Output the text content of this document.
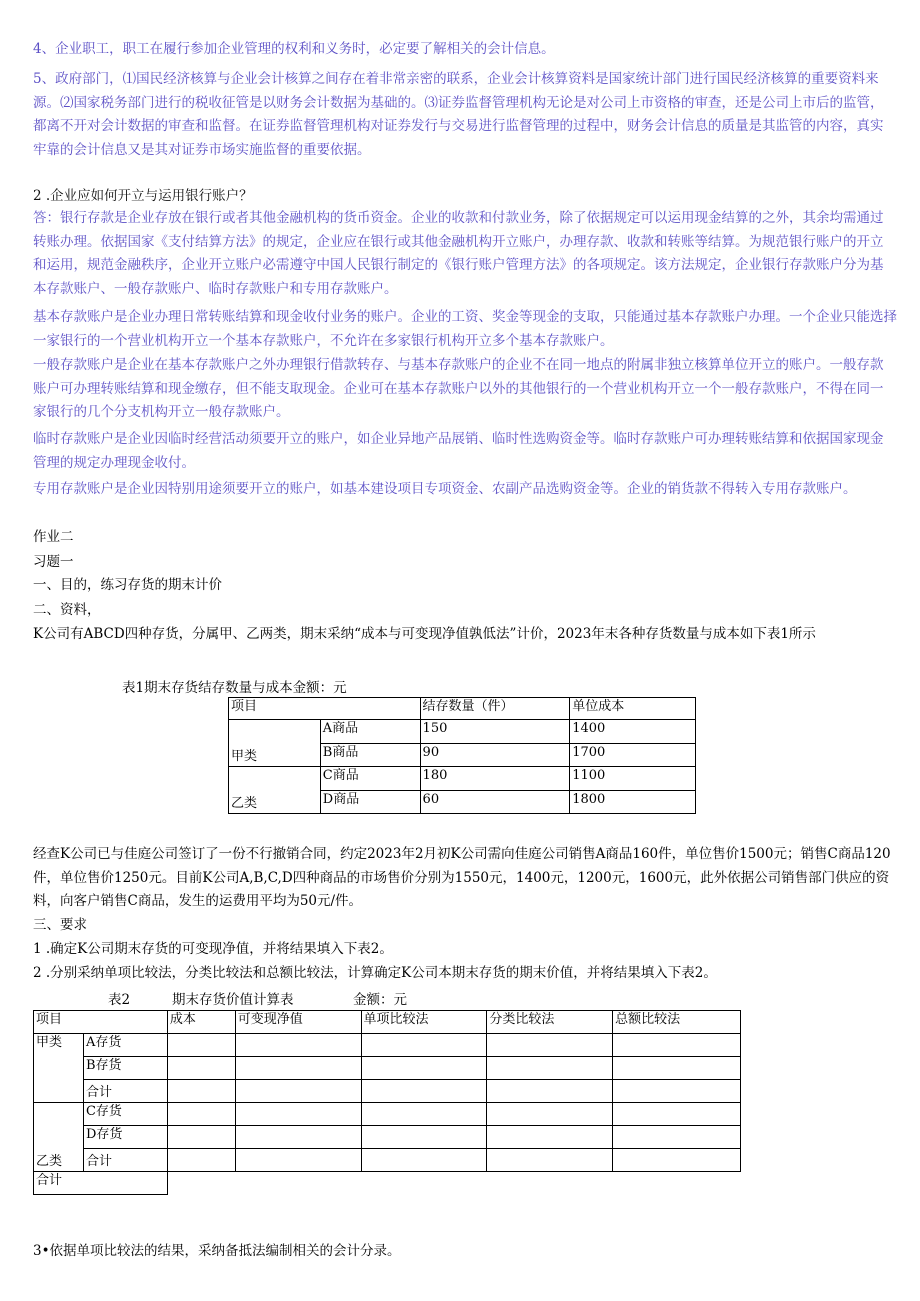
4、企业职工，职工在履行参加企业管理的权利和义务时，必定要了解相关的会计信息。

5、政府部门，⑴国民经济核算与企业会计核算之间存在着非常亲密的联系，企业会计核算资料是国家统计部门进行国民经济核算的重要资料来源。⑵国家税务部门进行的税收征管是以财务会计数据为基础的。⑶证券监督管理机构无论是对公司上市资格的审查，还是公司上市后的监管，都离不开对会计数据的审查和监督。在证券监督管理机构对证券发行与交易进行监督管理的过程中，财务会计信息的质量是其监管的内容，真实牢靠的会计信息又是其对证券市场实施监督的重要依据。

2 .企业应如何开立与运用银行账户？

答：银行存款是企业存放在银行或者其他金融机构的货币资金。企业的收款和付款业务，除了依据规定可以运用现金结算的之外，其余均需通过转账办理。依据国家《支付结算方法》的规定，企业应在银行或其他金融机构开立账户，办理存款、收款和转账等结算。为规范银行账户的开立和运用，规范金融秩序，企业开立账户必需遵守中国人民银行制定的《银行账户管理方法》的各项规定。该方法规定，企业银行存款账户分为基本存款账户、一般存款账户、临时存款账户和专用存款账户。

基本存款账户是企业办理日常转账结算和现金收付业务的账户。企业的工资、奖金等现金的支取，只能通过基本存款账户办理。一个企业只能选择一家银行的一个营业机构开立一个基本存款账户，不允许在多家银行机构开立多个基本存款账户。

一般存款账户是企业在基本存款账户之外办理银行借款转存、与基本存款账户的企业不在同一地点的附属非独立核算单位开立的账户。一般存款账户可办理转账结算和现金缴存，但不能支取现金。企业可在基本存款账户以外的其他银行的一个营业机构开立一个一般存款账户，不得在同一家银行的几个分支机构开立一般存款账户。

临时存款账户是企业因临时经营活动须要开立的账户，如企业异地产品展销、临时性选购资金等。临时存款账户可办理转账结算和依据国家现金管理的规定办理现金收付。

专用存款账户是企业因特别用途须要开立的账户，如基本建设项目专项资金、农副产品选购资金等。企业的销货款不得转入专用存款账户。

作业二
习题一
一、目的，练习存货的期末计价
二、资料，

K公司有ABCD四种存货，分属甲、乙两类，期末采纳“成本与可变现净值孰低法”计价，2023年末各种存货数量与成本如下表1所示

表1期末存货结存数量与成本金额：元
项目		结存数量（件）	单位成本
甲类	A商品	150	1400
	B商品	90	1700
乙类	C商品	180	1100
	D商品	60	1800

经查K公司已与佳庭公司签订了一份不行撤销合同，约定2023年2月初K公司需向佳庭公司销售A商品160件，单位售价1500元；销售C商品120件，单位售价1250元。目前K公司A,B,C,D四种商品的市场售价分别为1550元，1400元，1200元，1600元，此外依据公司销售部门供应的资料，向客户销售C商品，发生的运费用平均为50元/件。

三、要求
1 .确定K公司期末存货的可变现净值，并将结果填入下表2。
2 .分别采纳单项比较法，分类比较法和总额比较法，计算确定K公司本期末存货的期末价值，并将结果填入下表2。
表2	期末存货价值计算表	金额：元
项目		成本	可变现净值	单项比较法	分类比较法	总额比较法
甲类	A存货					
	B存货					
	合计					
乙类	C存货					
	D存货					
	合计					
合计						
3•依据单项比较法的结果，采纳备抵法编制相关的会计分录。
